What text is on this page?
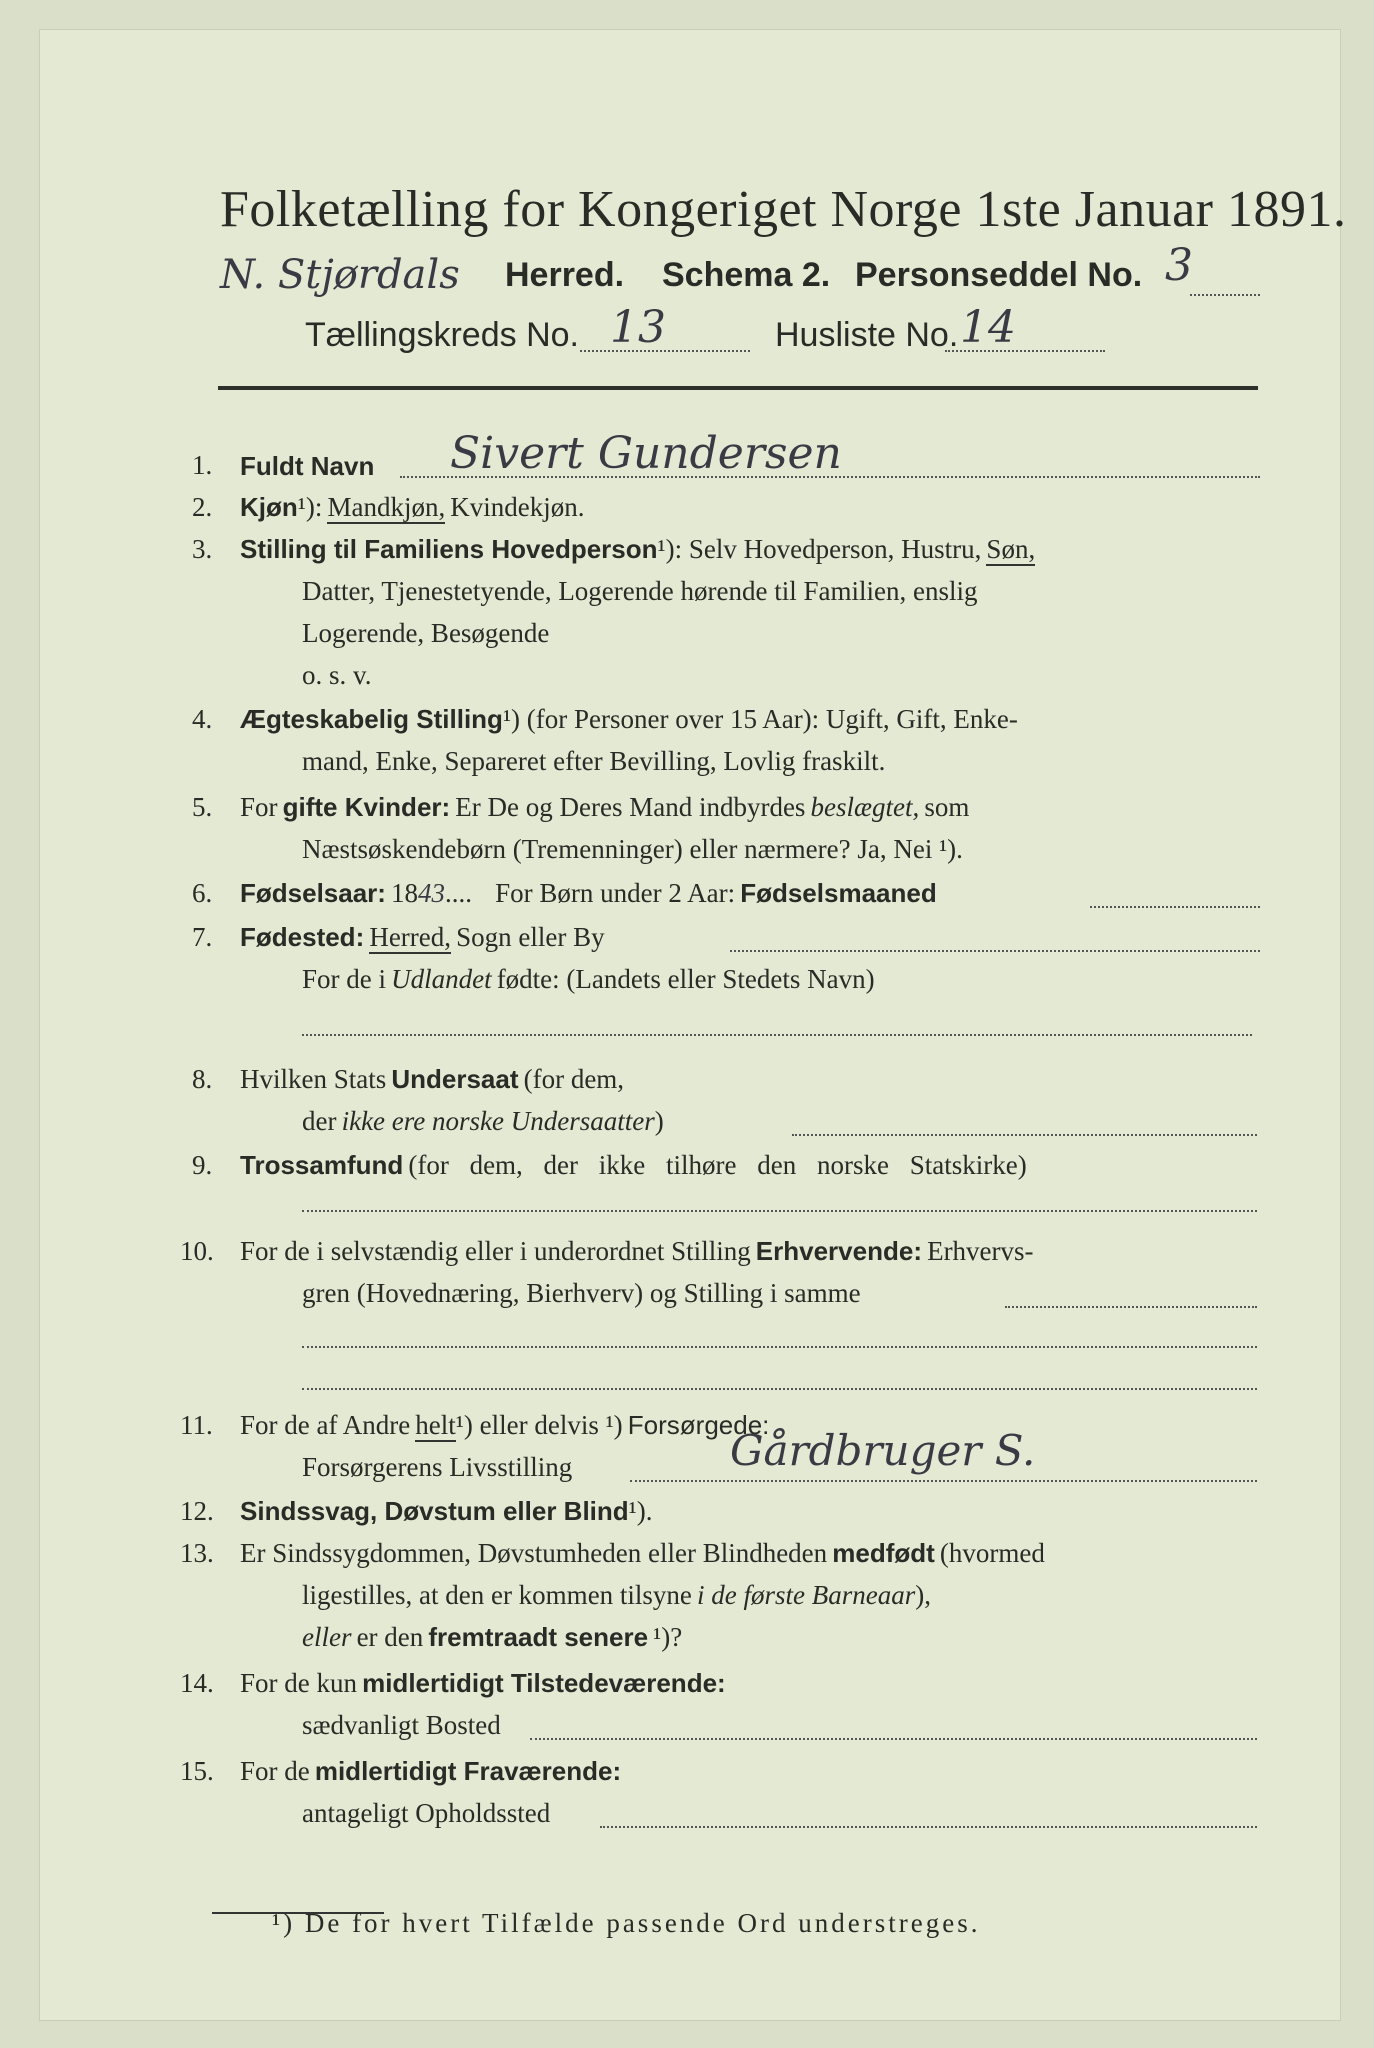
Folketælling for Kongeriget Norge 1ste Januar 1891.
N. Stjørdals Herred. Schema 2. Personseddel No. 3
Tællingskreds No. 13	Husliste No. 14
1. Fuldt Navn Sivert Gundersen
2. Kjøn¹): Mandkjøn, Kvindekjøn.
3. Stilling til Familiens Hovedperson¹): Selv Hovedperson, Hustru, Søn,
Datter, Tjenestetyende, Logerende hørende til Familien, enslig
Logerende, Besøgende
o. s. v.
4. Ægteskabelig Stilling¹) (for Personer over 15 Aar): Ugift, Gift, Enke-
mand, Enke, Separeret efter Bevilling, Lovlig fraskilt.
5. For gifte Kvinder: Er De og Deres Mand indbyrdes beslægtet, som
Næstsøskendebørn (Tremenninger) eller nærmere? Ja, Nei ¹).
6. Fødselsaar: 1843.... For Børn under 2 Aar: Fødselsmaaned
7. Fødested: Herred, Sogn eller By
For de i Udlandet fødte: (Landets eller Stedets Navn)
8. Hvilken Stats Undersaat (for dem,
der ikke ere norske Undersaatter)
9. Trossamfund (for dem, der ikke tilhøre den norske Statskirke)
10. For de i selvstændig eller i underordnet Stilling Erhvervende: Erhvervs-
gren (Hovednæring, Bierhverv) og Stilling i samme
11. For de af Andre helt¹) eller delvis ¹) Forsørgede:
Forsørgerens Livsstilling	Gårdbruger S.
12. Sindssvag, Døvstum eller Blind¹).
13. Er Sindssygdommen, Døvstumheden eller Blindheden medfødt (hvormed
ligestilles, at den er kommen tilsyne i de første Barneaar),
eller er den fremtraadt senere ¹)?
14. For de kun midlertidigt Tilstedeværende:
sædvanligt Bosted
15. For de midlertidigt Fraværende:
antageligt Opholdssted
¹) De for hvert Tilfælde passende Ord understreges.
